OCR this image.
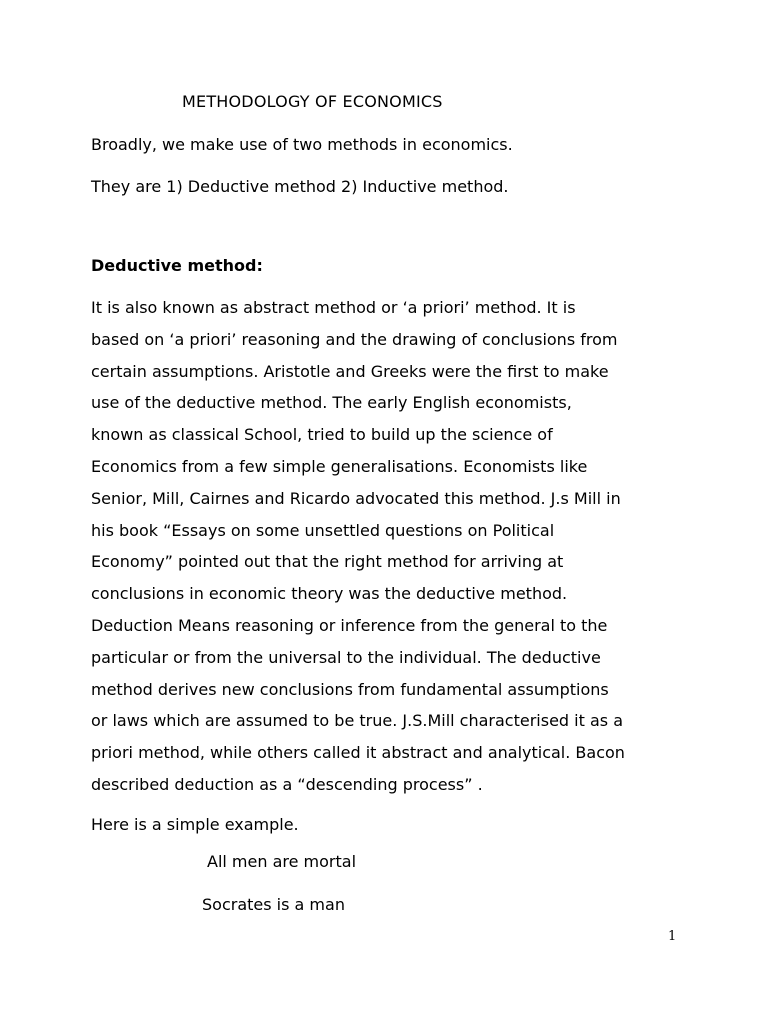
METHODOLOGY OF ECONOMICS
Broadly, we make use of two methods in economics.
They are 1) Deductive method 2) Inductive method.
Deductive method:
It is also known as abstract method or ‘a priori’ method. It is
based on ‘a priori’ reasoning and the drawing of conclusions from
certain assumptions. Aristotle and Greeks were the first to make
use of the deductive method. The early English economists,
known as classical School, tried to build up the science of
Economics from a few simple generalisations. Economists like
Senior, Mill, Cairnes and Ricardo advocated this method. J.s Mill in
his book “Essays on some unsettled questions on Political
Economy” pointed out that the right method for arriving at
conclusions in economic theory was the deductive method.
Deduction Means reasoning or inference from the general to the
particular or from the universal to the individual. The deductive
method derives new conclusions from fundamental assumptions
or laws which are assumed to be true. J.S.Mill characterised it as a
priori method, while others called it abstract and analytical. Bacon
described deduction as a “descending process” .
Here is a simple example.
All men are mortal
Socrates is a man
1
